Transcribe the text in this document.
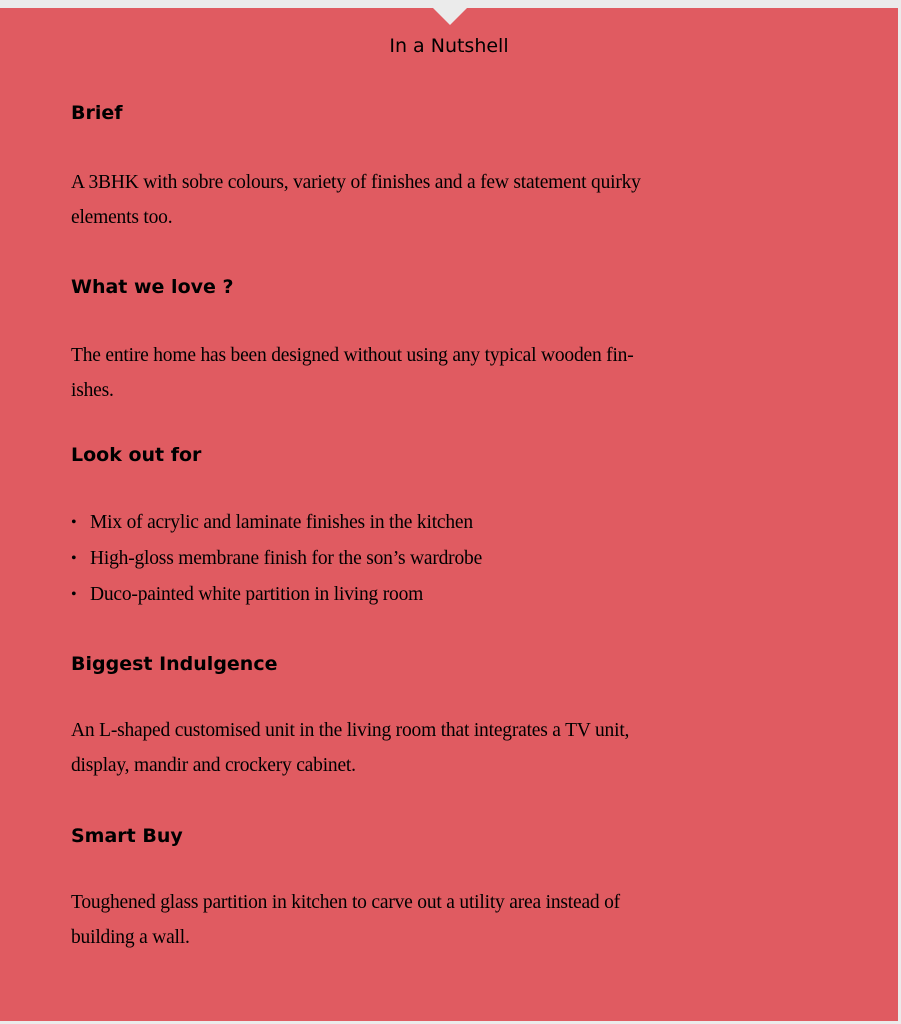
In a Nutshell
Brief

A 3BHK with sobre colours, variety of finishes and a few statement quirky
elements too.

What we love ?

The entire home has been designed without using any typical wooden fin-
ishes.

Look out for
• Mix of acrylic and laminate finishes in the kitchen
• High-gloss membrane finish for the son’s wardrobe
• Duco-painted white partition in living room
Biggest Indulgence

An L-shaped customised unit in the living room that integrates a TV unit,
display, mandir and crockery cabinet.

Smart Buy

Toughened glass partition in kitchen to carve out a utility area instead of
building a wall.
